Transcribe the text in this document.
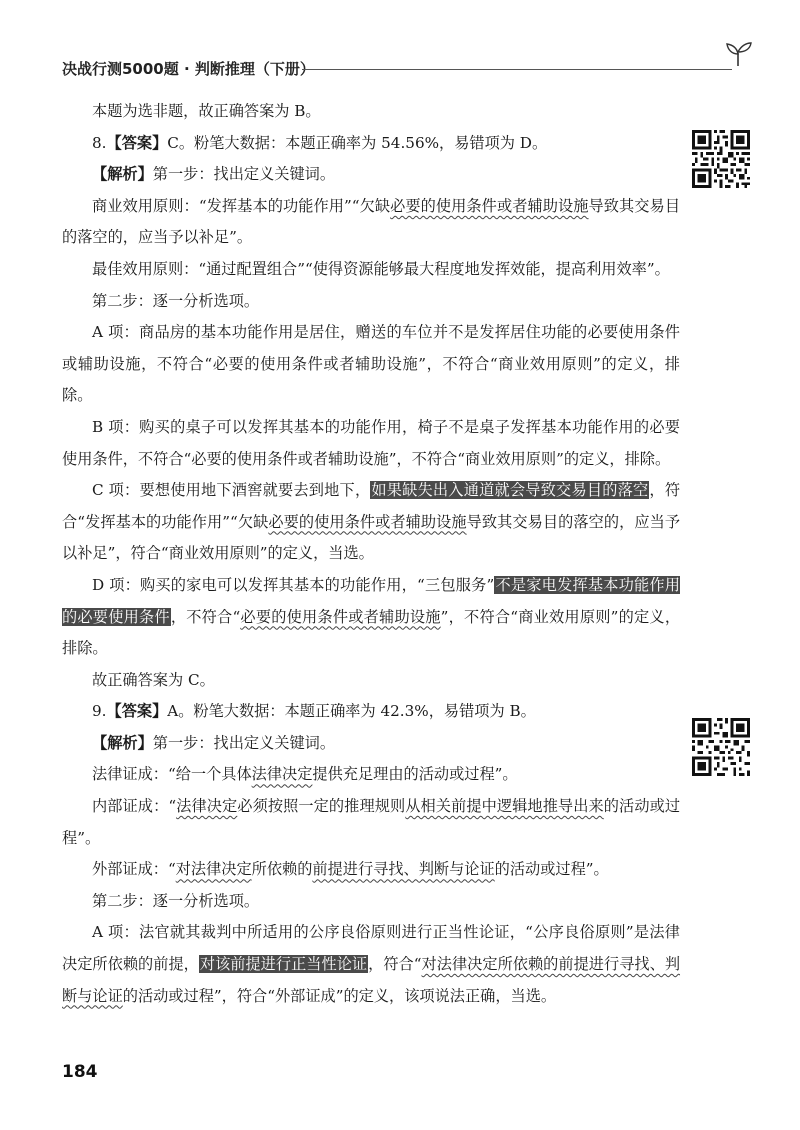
决战行测5000题 · 判断推理（下册）

本题为选非题，故正确答案为 B。

8.【答案】C。粉笔大数据：本题正确率为 54.56%，易错项为 D。

【解析】第一步：找出定义关键词。

商业效用原则：“发挥基本的功能作用”“欠缺必要的使用条件或者辅助设施导致其交易目的落空的，应当予以补足”。

最佳效用原则：“通过配置组合”“使得资源能够最大程度地发挥效能，提高利用效率”。

第二步：逐一分析选项。

A 项：商品房的基本功能作用是居住，赠送的车位并不是发挥居住功能的必要使用条件或辅助设施，不符合“必要的使用条件或者辅助设施”，不符合“商业效用原则”的定义，排除。

B 项：购买的桌子可以发挥其基本的功能作用，椅子不是桌子发挥基本功能作用的必要使用条件，不符合“必要的使用条件或者辅助设施”，不符合“商业效用原则”的定义，排除。

C 项：要想使用地下酒窖就要去到地下，如果缺失出入通道就会导致交易目的落空，符合“发挥基本的功能作用”“欠缺必要的使用条件或者辅助设施导致其交易目的落空的，应当予以补足”，符合“商业效用原则”的定义，当选。

D 项：购买的家电可以发挥其基本的功能作用，“三包服务”不是家电发挥基本功能作用的必要使用条件，不符合“必要的使用条件或者辅助设施”，不符合“商业效用原则”的定义，排除。

故正确答案为 C。

9.【答案】A。粉笔大数据：本题正确率为 42.3%，易错项为 B。

【解析】第一步：找出定义关键词。

法律证成：“给一个具体法律决定提供充足理由的活动或过程”。

内部证成：“法律决定必须按照一定的推理规则从相关前提中逻辑地推导出来的活动或过程”。

外部证成：“对法律决定所依赖的前提进行寻找、判断与论证的活动或过程”。

第二步：逐一分析选项。

A 项：法官就其裁判中所适用的公序良俗原则进行正当性论证，“公序良俗原则”是法律决定所依赖的前提，对该前提进行正当性论证，符合“对法律决定所依赖的前提进行寻找、判断与论证的活动或过程”，符合“外部证成”的定义，该项说法正确，当选。

184
